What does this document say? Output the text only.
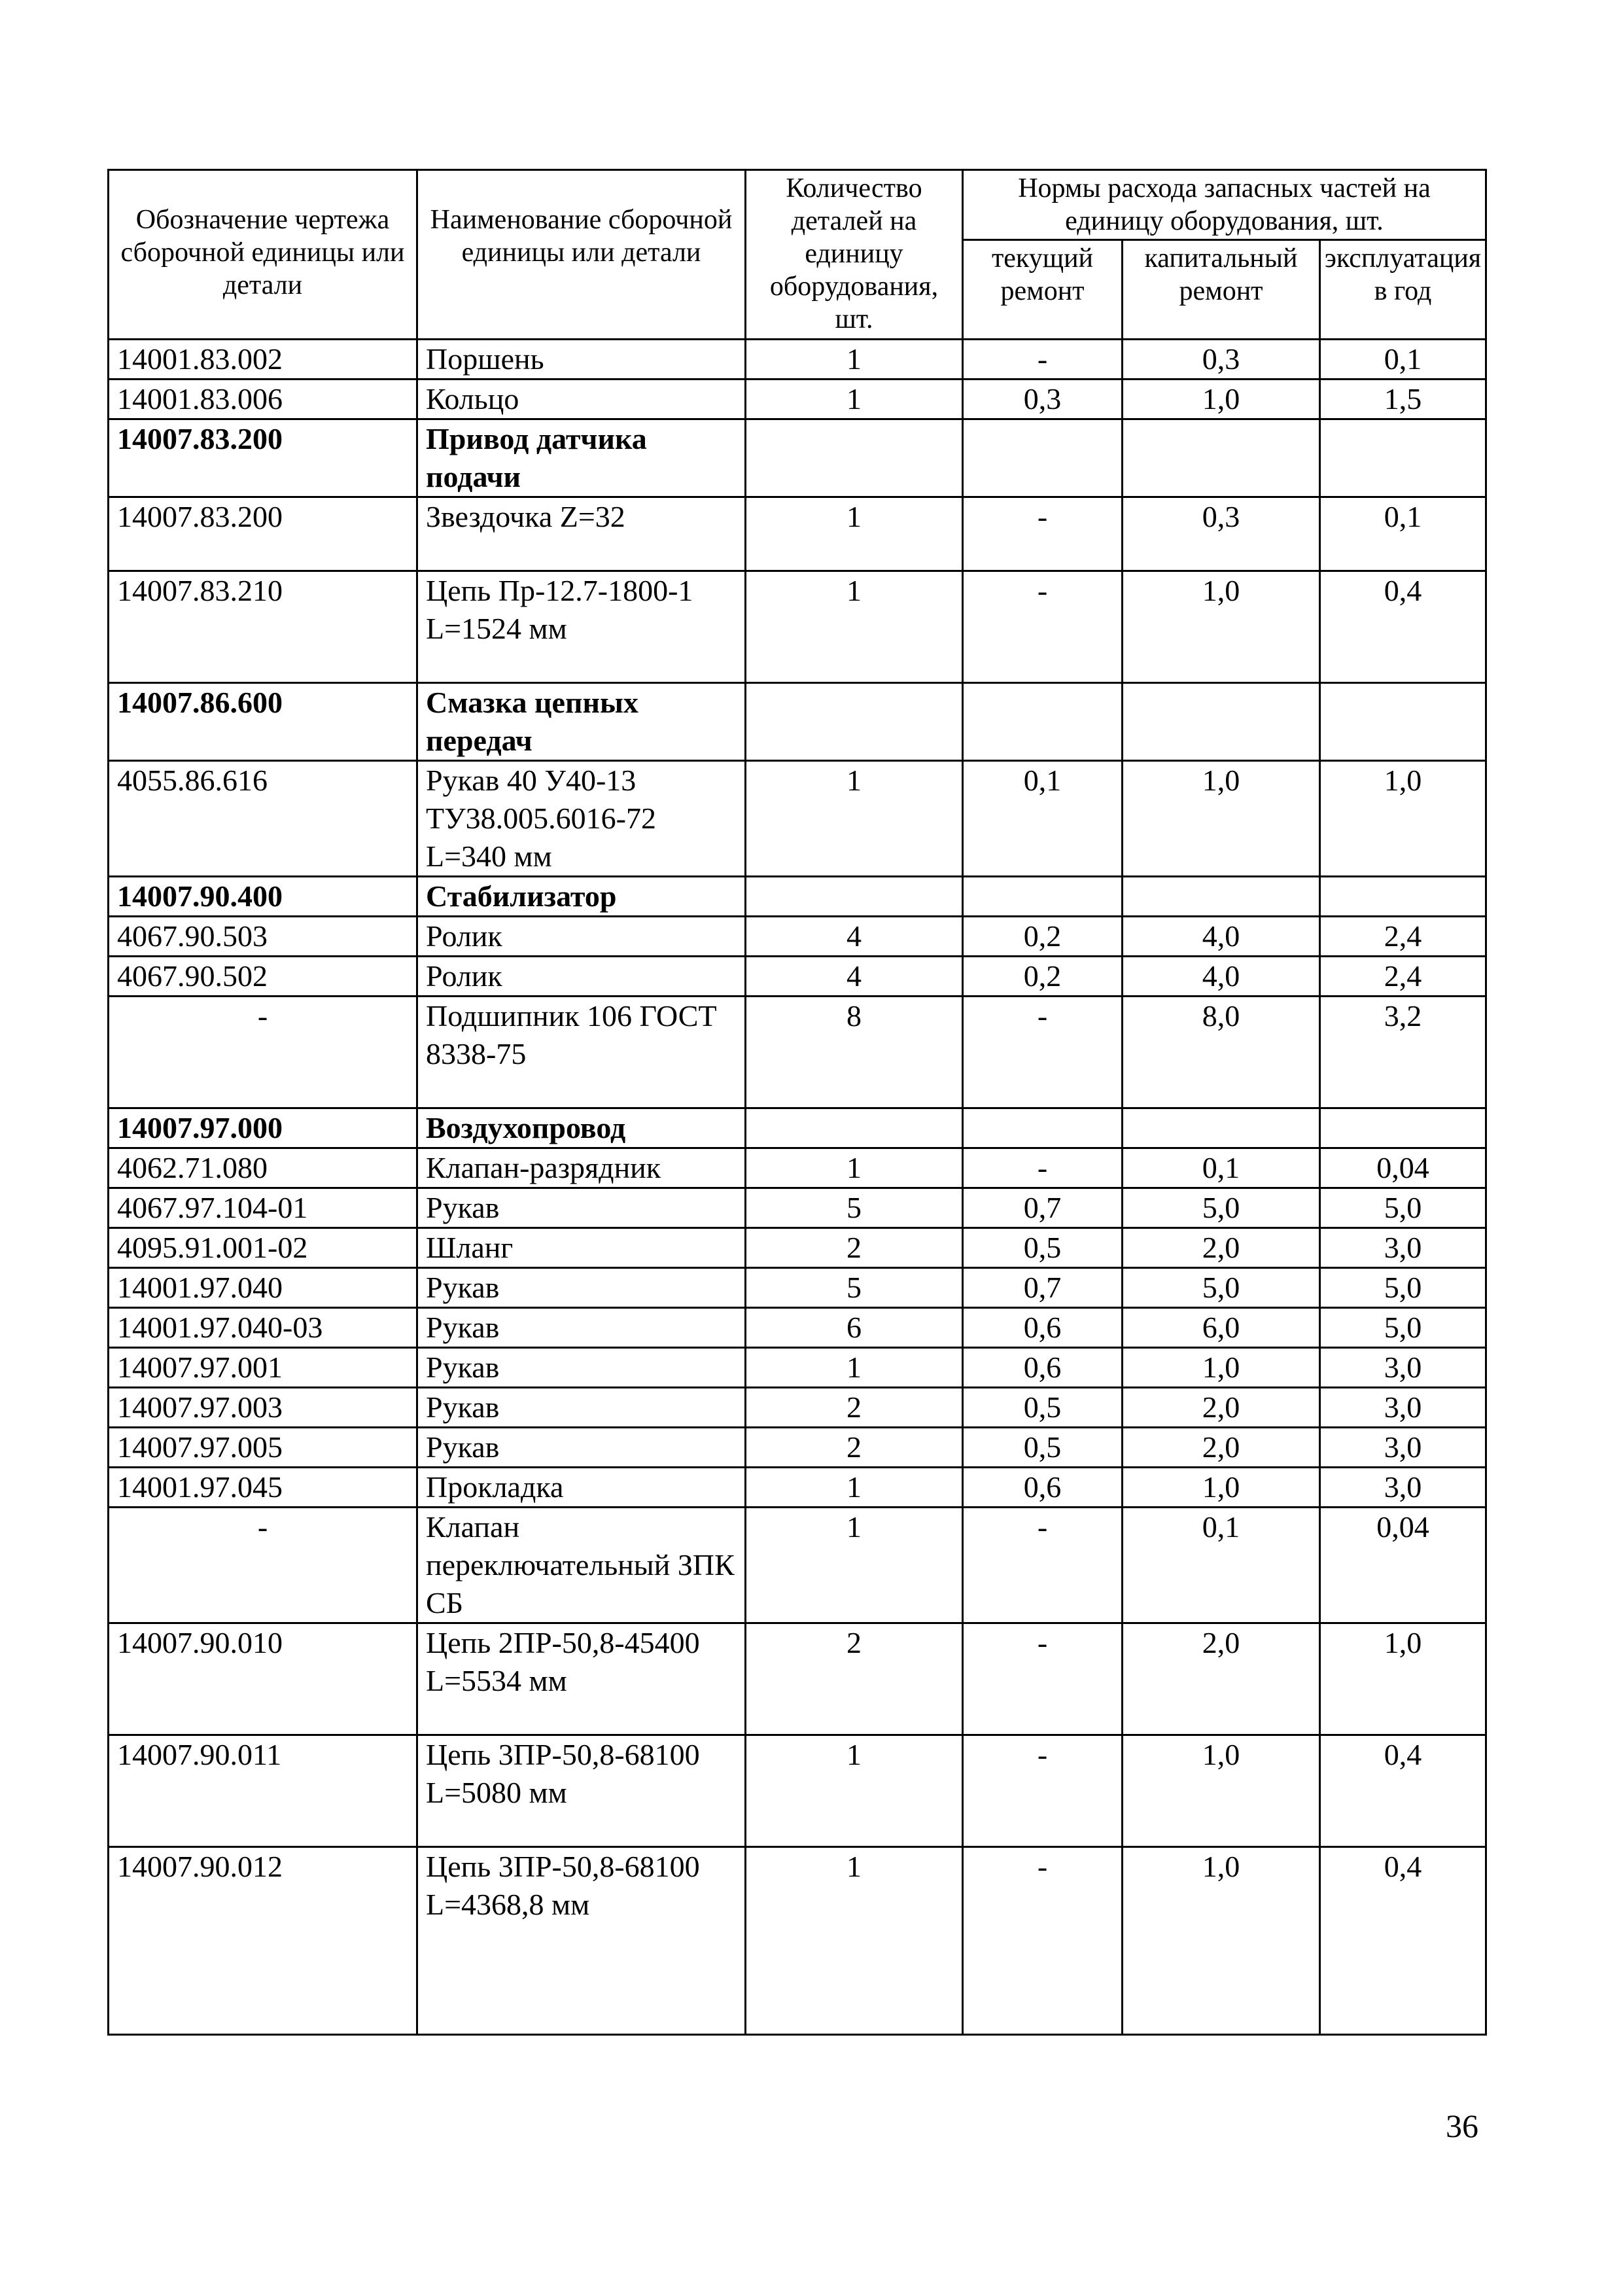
Обозначение чертежа сборочной единицы или детали	Наименование сборочной единицы или детали	Количество деталей на единицу оборудования, шт.	Нормы расхода запасных частей на единицу оборудования, шт.		
			текущий ремонт	капитальный ремонт	эксплуатация в год
14001.83.002	Поршень	1	-	0,3	0,1
14001.83.006	Кольцо	1	0,3	1,0	1,5
14007.83.200	Привод датчика подачи				
14007.83.200	Звездочка Z=32	1	-	0,3	0,1
14007.83.210	Цепь Пр-12.7-1800-1 L=1524 мм	1	-	1,0	0,4
14007.86.600	Смазка цепных передач				
4055.86.616	Рукав 40 У40-13 ТУ38.005.6016-72 L=340 мм	1	0,1	1,0	1,0
14007.90.400	Стабилизатор				
4067.90.503	Ролик	4	0,2	4,0	2,4
4067.90.502	Ролик	4	0,2	4,0	2,4
-	Подшипник 106 ГОСТ 8338-75	8	-	8,0	3,2
14007.97.000	Воздухопровод				
4062.71.080	Клапан-разрядник	1	-	0,1	0,04
4067.97.104-01	Рукав	5	0,7	5,0	5,0
4095.91.001-02	Шланг	2	0,5	2,0	3,0
14001.97.040	Рукав	5	0,7	5,0	5,0
14001.97.040-03	Рукав	6	0,6	6,0	5,0
14007.97.001	Рукав	1	0,6	1,0	3,0
14007.97.003	Рукав	2	0,5	2,0	3,0
14007.97.005	Рукав	2	0,5	2,0	3,0
14001.97.045	Прокладка	1	0,6	1,0	3,0
-	Клапан переключательный ЗПК СБ	1	-	0,1	0,04
14007.90.010	Цепь 2ПР-50,8-45400 L=5534 мм	2	-	2,0	1,0
14007.90.011	Цепь 3ПР-50,8-68100 L=5080 мм	1	-	1,0	0,4
14007.90.012	Цепь 3ПР-50,8-68100 L=4368,8 мм	1	-	1,0	0,4
36
